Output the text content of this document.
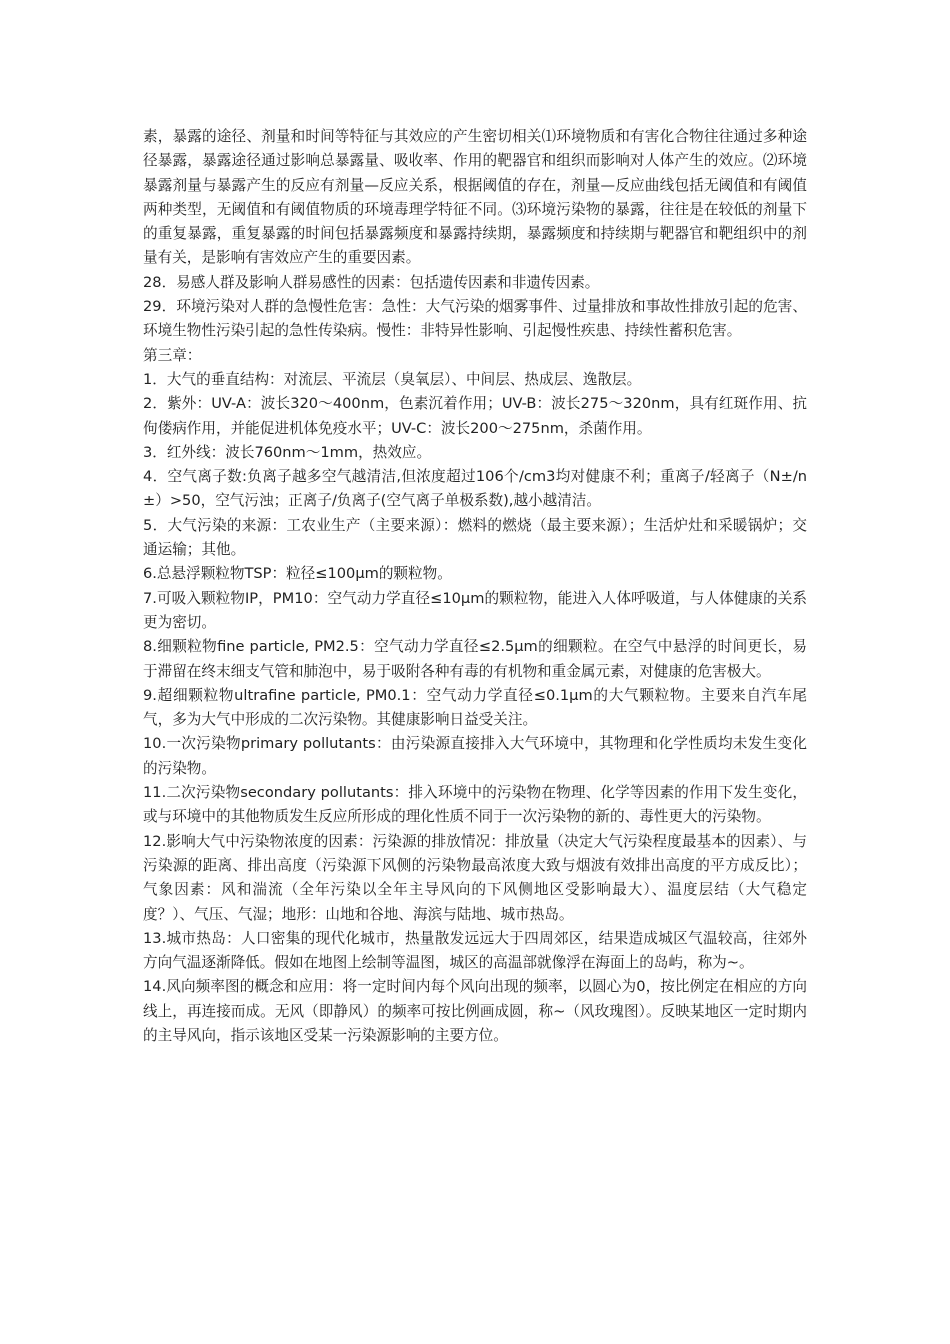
素，暴露的途径、剂量和时间等特征与其效应的产生密切相关⑴环境物质和有害化合物往往通过多种途径暴露，暴露途径通过影响总暴露量、吸收率、作用的靶器官和组织而影响对人体产生的效应。⑵环境暴露剂量与暴露产生的反应有剂量—反应关系，根据阈值的存在，剂量—反应曲线包括无阈值和有阈值两种类型，无阈值和有阈值物质的环境毒理学特征不同。⑶环境污染物的暴露，往往是在较低的剂量下的重复暴露，重复暴露的时间包括暴露频度和暴露持续期，暴露频度和持续期与靶器官和靶组织中的剂量有关，是影响有害效应产生的重要因素。

28．易感人群及影响人群易感性的因素：包括遗传因素和非遗传因素。

29．环境污染对人群的急慢性危害：急性：大气污染的烟雾事件、过量排放和事故性排放引起的危害、环境生物性污染引起的急性传染病。慢性：非特异性影响、引起慢性疾患、持续性蓄积危害。

第三章：

1．大气的垂直结构：对流层、平流层（臭氧层）、中间层、热成层、逸散层。

2．紫外：UV-A：波长320～400nm，色素沉着作用；UV-B：波长275～320nm，具有红斑作用、抗佝偻病作用，并能促进机体免疫水平；UV-C：波长200～275nm，杀菌作用。

3．红外线：波长760nm～1mm，热效应。

4．空气离子数:负离子越多空气越清洁,但浓度超过106个/cm3均对健康不利；重离子/轻离子（N±/n±）>50，空气污浊；正离子/负离子(空气离子单极系数),越小越清洁。

5．大气污染的来源：工农业生产（主要来源）：燃料的燃烧（最主要来源）；生活炉灶和采暖锅炉；交通运输；其他。

6.总悬浮颗粒物TSP：粒径≤100μm的颗粒物。

7.可吸入颗粒物IP，PM10：空气动力学直径≤10μm的颗粒物，能进入人体呼吸道，与人体健康的关系更为密切。

8.细颗粒物fine particle, PM2.5：空气动力学直径≤2.5μm的细颗粒。在空气中悬浮的时间更长，易于滞留在终末细支气管和肺泡中，易于吸附各种有毒的有机物和重金属元素，对健康的危害极大。

9.超细颗粒物ultrafine particle, PM0.1：空气动力学直径≤0.1μm的大气颗粒物。主要来自汽车尾气，多为大气中形成的二次污染物。其健康影响日益受关注。

10.一次污染物primary pollutants：由污染源直接排入大气环境中，其物理和化学性质均未发生变化的污染物。

11.二次污染物secondary pollutants：排入环境中的污染物在物理、化学等因素的作用下发生变化，或与环境中的其他物质发生反应所形成的理化性质不同于一次污染物的新的、毒性更大的污染物。

12.影响大气中污染物浓度的因素：污染源的排放情况：排放量（决定大气污染程度最基本的因素）、与污染源的距离、排出高度（污染源下风侧的污染物最高浓度大致与烟波有效排出高度的平方成反比）；气象因素：风和湍流（全年污染以全年主导风向的下风侧地区受影响最大）、温度层结（大气稳定度？）、气压、气湿；地形：山地和谷地、海滨与陆地、城市热岛。

13.城市热岛：人口密集的现代化城市，热量散发远远大于四周郊区，结果造成城区气温较高，往郊外方向气温逐渐降低。假如在地图上绘制等温图，城区的高温部就像浮在海面上的岛屿，称为~。

14.风向频率图的概念和应用：将一定时间内每个风向出现的频率，以圆心为0，按比例定在相应的方向线上，再连接而成。无风（即静风）的频率可按比例画成圆，称~（风玫瑰图）。反映某地区一定时期内的主导风向，指示该地区受某一污染源影响的主要方位。
